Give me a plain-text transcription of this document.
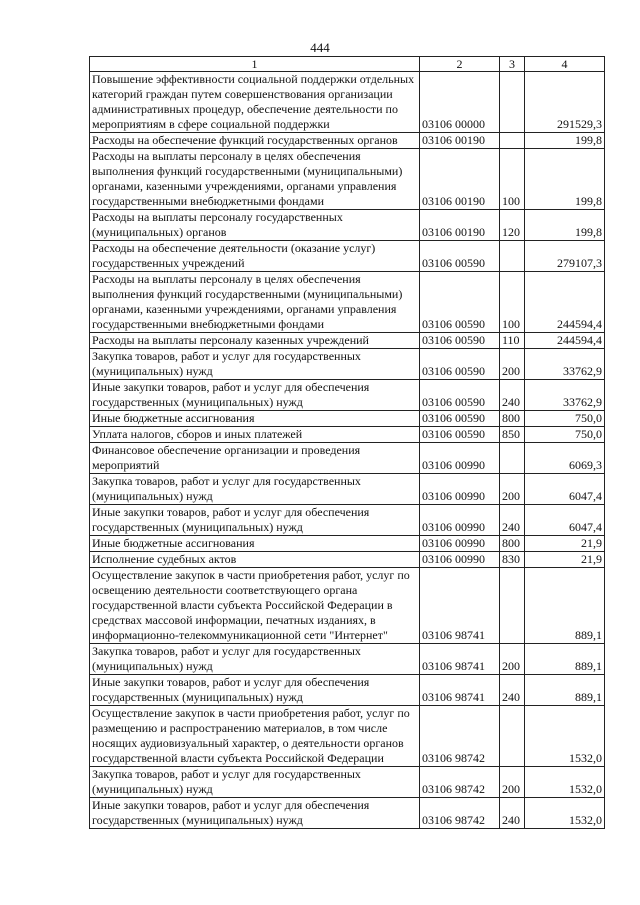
444
1	2	3	4
Повышение эффективности социальной поддержки отдельных категорий граждан путем совершенствования организации административных процедур, обеспечение деятельности по мероприятиям в сфере социальной поддержки	03106 00000		291529,3
Расходы на обеспечение функций государственных органов	03106 00190		199,8
Расходы на выплаты персоналу в целях обеспечения выполнения функций государственными (муниципальными) органами, казенными учреждениями, органами управления государственными внебюджетными фондами	03106 00190	100	199,8
Расходы на выплаты персоналу государственных (муниципальных) органов	03106 00190	120	199,8
Расходы на обеспечение деятельности (оказание услуг) государственных учреждений	03106 00590		279107,3
Расходы на выплаты персоналу в целях обеспечения выполнения функций государственными (муниципальными) органами, казенными учреждениями, органами управления государственными внебюджетными фондами	03106 00590	100	244594,4
Расходы на выплаты персоналу казенных учреждений	03106 00590	110	244594,4
Закупка товаров, работ и услуг для государственных (муниципальных) нужд	03106 00590	200	33762,9
Иные закупки товаров, работ и услуг для обеспечения государственных (муниципальных) нужд	03106 00590	240	33762,9
Иные бюджетные ассигнования	03106 00590	800	750,0
Уплата налогов, сборов и иных платежей	03106 00590	850	750,0
Финансовое обеспечение организации и проведения мероприятий	03106 00990		6069,3
Закупка товаров, работ и услуг для государственных (муниципальных) нужд	03106 00990	200	6047,4
Иные закупки товаров, работ и услуг для обеспечения государственных (муниципальных) нужд	03106 00990	240	6047,4
Иные бюджетные ассигнования	03106 00990	800	21,9
Исполнение судебных актов	03106 00990	830	21,9
Осуществление закупок в части приобретения работ, услуг по освещению деятельности соответствующего органа государственной власти субъекта Российской Федерации в средствах массовой информации, печатных изданиях, в информационно-телекоммуникационной сети "Интернет"	03106 98741		889,1
Закупка товаров, работ и услуг для государственных (муниципальных) нужд	03106 98741	200	889,1
Иные закупки товаров, работ и услуг для обеспечения государственных (муниципальных) нужд	03106 98741	240	889,1
Осуществление закупок в части приобретения работ, услуг по размещению и распространению материалов, в том числе носящих аудиовизуальный характер, о деятельности органов государственной власти субъекта Российской Федерации	03106 98742		1532,0
Закупка товаров, работ и услуг для государственных (муниципальных) нужд	03106 98742	200	1532,0
Иные закупки товаров, работ и услуг для обеспечения государственных (муниципальных) нужд	03106 98742	240	1532,0
